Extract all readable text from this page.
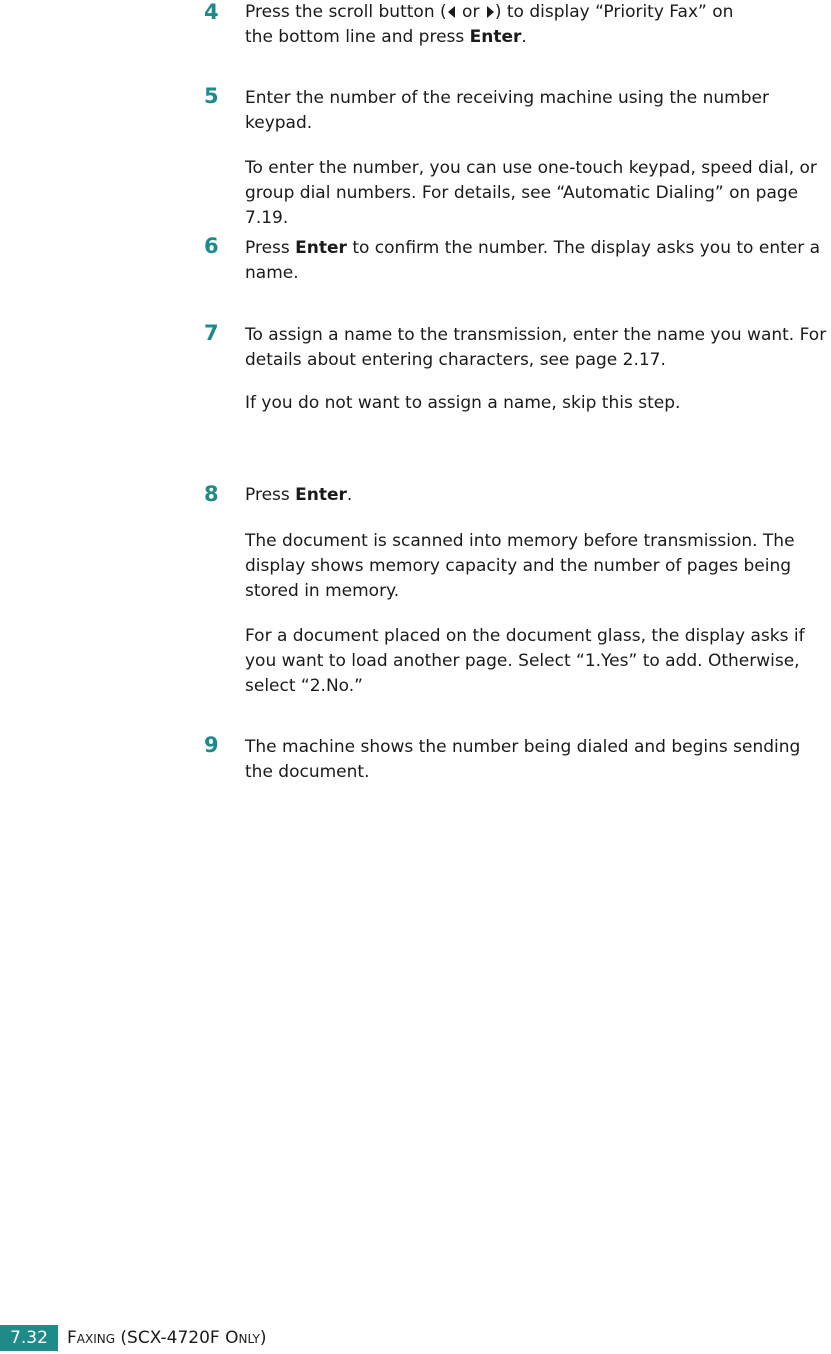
4 Press the scroll button ( or ) to display “Priority Fax” on
the bottom line and press Enter.

5 Enter the number of the receiving machine using the number keypad.

To enter the number, you can use one-touch keypad, speed dial, or group dial numbers. For details, see “Automatic Dialing” on page 7.19.

6 Press Enter to confirm the number. The display asks you to enter a name.

7 To assign a name to the transmission, enter the name you want. For details about entering characters, see page 2.17.

If you do not want to assign a name, skip this step.

8 Press Enter.

The document is scanned into memory before transmission. The display shows memory capacity and the number of pages being stored in memory.

For a document placed on the document glass, the display asks if you want to load another page. Select “1.Yes” to add. Otherwise, select “2.No.”

9 The machine shows the number being dialed and begins sending the document.

7.32	Faxing (SCX-4720F Only)
